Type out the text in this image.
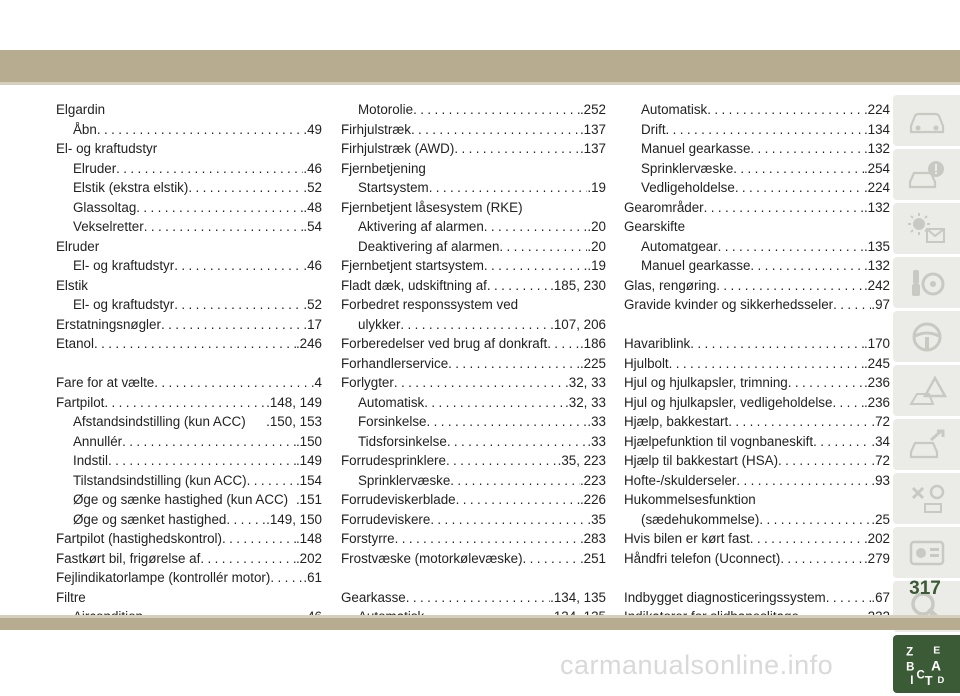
Elgardin
Åbn .....	.49
El- og kraftudstyr
Elruder .....	.46
Elstik (ekstra elstik) .....	.52
Glassoltag .....	.48
Vekselretter .....	.54
Elruder
El- og kraftudstyr .....	.46
Elstik
El- og kraftudstyr .....	.52
Erstatningsnøgler .....	.17
Etanol .....	.246
Fare for at vælte .....	.4
Fartpilot .....	.148, 149
Afstandsindstilling (kun ACC) .150, 153
Annullér .....	.150
Indstil .....	.149
Tilstandsindstilling (kun ACC) .....	.154
Øge og sænke hastighed (kun ACC) .151
Øge og sænket hastighed .....	.149, 150
Fartpilot (hastighedskontrol) .....	.148
Fastkørt bil, frigørelse af .....	.202
Fejlindikatorlampe (kontrollér motor) ..... .61
Filtre
.....
Motorolie .....	.252
Firhjulstræk .....	.137
Firhjulstræk (AWD) .....	.137
Fjernbetjening
Startsystem .....	.19
Fjernbetjent låsesystem (RKE)
Aktivering af alarmen .....	.20
Deaktivering af alarmen .....	.20
Fjernbetjent startsystem .....	.19
Fladt dæk, udskiftning af .....	.185, 230
Forbedret responssystem ved
ulykker .....	.107, 206
Forberedelser ved brug af donkraft ..... .186
Forhandlerservice .....	.225
Forlygter .....	.32, 33
Automatisk .....	.32, 33
Forsinkelse .....	.33
Tidsforsinkelse .....	.33
Forrudesprinklere .....	.35, 223
Sprinklervæske .....	.223
Forrudeviskerblade .....	.226
Forrudeviskere .....	.35
Forstyrre .....	.283
Frostvæske (motorkølevæske) .....	.251
Gearkasse .....	.134, 135
.....
Automatisk .....	.224
Drift .....	.134
Manuel gearkasse .....	.132
Sprinklervæske .....	.254
Vedligeholdelse .....	.224
Gearområder .....	.132
Gearskifte
Automatgear .....	.135
Manuel gearkasse .....	.132
Glas, rengøring .....	.242
Gravide kvinder og sikkerhedsseler .....	.97
Havariblink .....	.170
Hjulbolt .....	.245
Hjul og hjulkapsler, trimning .....	.236
Hjul og hjulkapsler, vedligeholdelse ..... .236
Hjælp, bakkestart .....	.72
Hjælpefunktion til vognbaneskift .....	.34
Hjælp til bakkestart (HSA) .....	.72
Hofte-/skulderseler .....	.93
Hukommelsesfunktion
(sædehukommelse) .....	.25
Hvis bilen er kørt fast .....	.202
Håndfri telefon (Uconnect) .....	.279
Indbygget diagnosticeringssystem .....	.67
.....
Z E
B A
I C T D
317
carmanualsonline.info
